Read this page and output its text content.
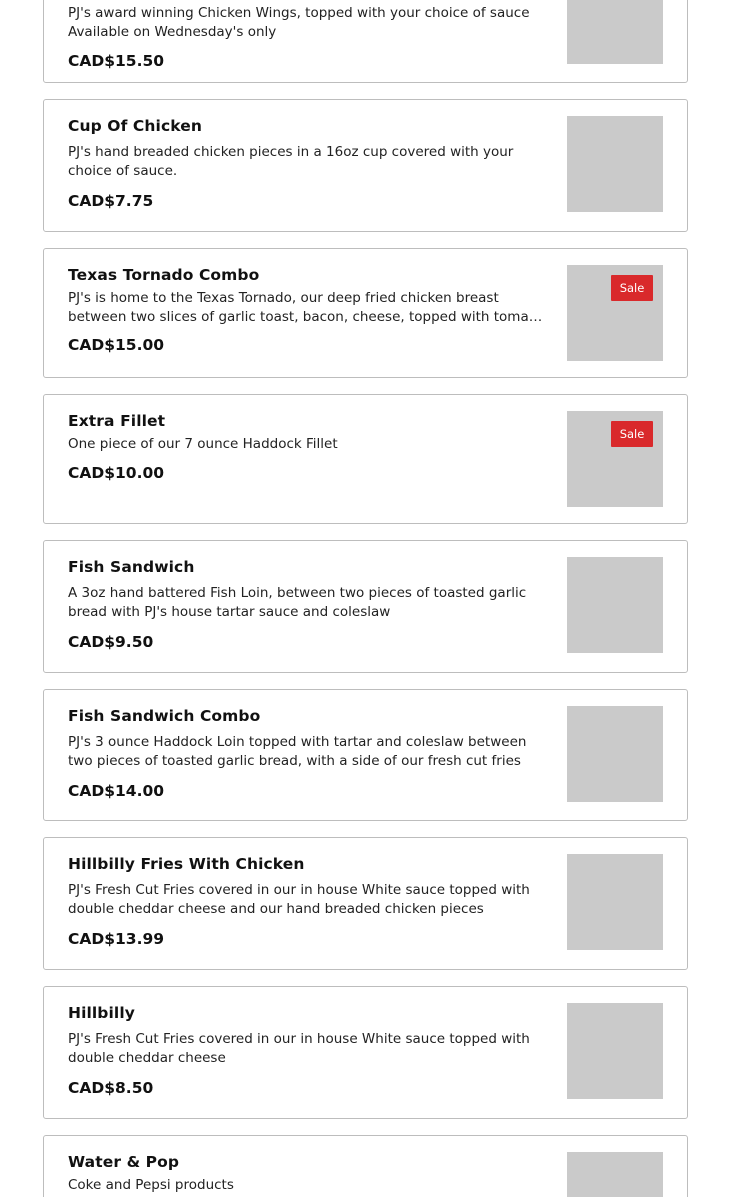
PJ's award winning Chicken Wings, topped with your choice of sauce Available on Wednesday's only
CAD$15.50
Cup Of Chicken
PJ's hand breaded chicken pieces in a 16oz cup covered with your choice of sauce.
CAD$7.75
Texas Tornado Combo
PJ's is home to the Texas Tornado, our deep fried chicken breast between two slices of garlic toast, bacon, cheese, topped with tomato
CAD$15.00
Sale
Extra Fillet
One piece of our 7 ounce Haddock Fillet
CAD$10.00
Sale
Fish Sandwich
A 3oz hand battered Fish Loin, between two pieces of toasted garlic bread with PJ's house tartar sauce and coleslaw
CAD$9.50
Fish Sandwich Combo
PJ's 3 ounce Haddock Loin topped with tartar and coleslaw between two pieces of toasted garlic bread, with a side of our fresh cut fries
CAD$14.00
Hillbilly Fries With Chicken
PJ's Fresh Cut Fries covered in our in house White sauce topped with double cheddar cheese and our hand breaded chicken pieces
CAD$13.99
Hillbilly
PJ's Fresh Cut Fries covered in our in house White sauce topped with double cheddar cheese
CAD$8.50
Water & Pop
Coke and Pepsi products
